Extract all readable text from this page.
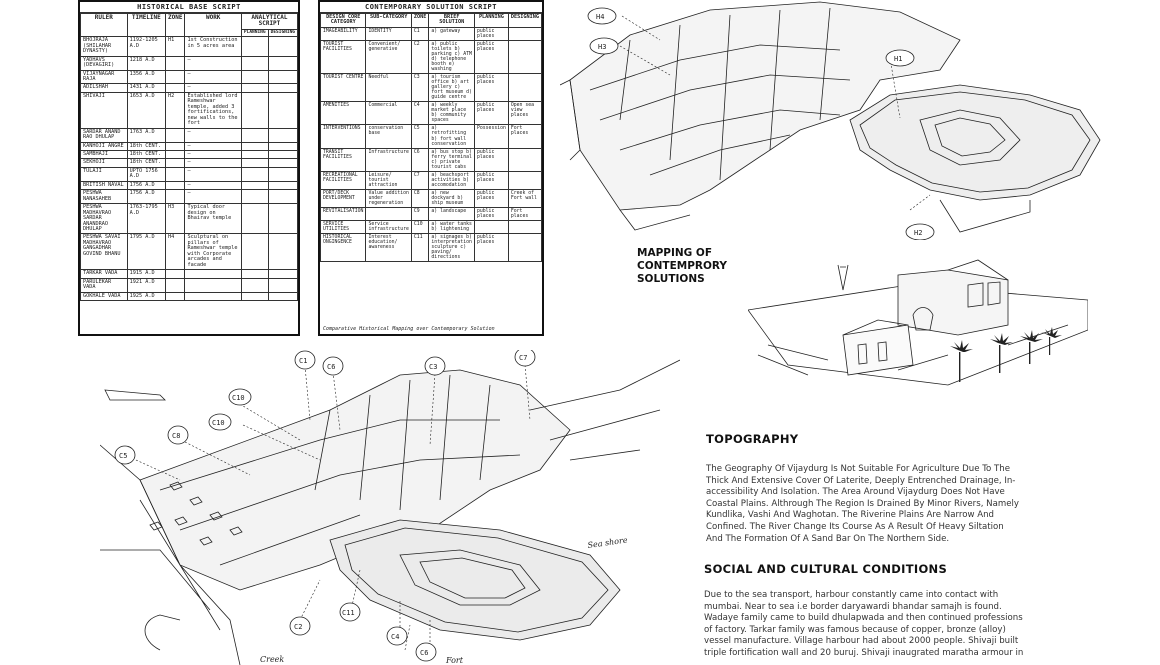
HISTORICAL BASE SCRIPT
RULER	TIMELINE	ZONE	WORK	ANALYTICAL SCRIPT	
				PLANNING	DESIGNING
BHOJRAJA (SHILAHAR DYNASTY)	1192-1205 A.D	H1	1st Construction in 5 acres area		
YADHAVS (DEVAGIRI)	1218 A.D		—		
VIJAYNAGAR RAJA	1356 A.D		—		
ADILSHAH	1431 A.D		—		
SHIVAJI	1653 A.D	H2	Established lord Rameshwar temple, added 3 fortifications, new walls to the fort		
SARDAR ANAND RAO DHULAP	1763 A.D		—		
KANHOJI ANGRE	18th CENT.		—		
SAMBHAJI	18th CENT.		—		
SEKHOJI	18th CENT.		—		
TULAJI	UPTO 1756 A.D		—		
BRITISH NAVAL	1756 A.D		—		
PESHWA NANASAHEB	1756 A.D		—		
PESHWA MADHAVRAO SARDAR ANANDRAO DHULAP	1763-1795 A.D	H3	Typical door design on Bhairav temple		
PESHWA SAVAI MADHAVRAO GANGADHAR GOVIND BHANU	1795 A.D	H4	Sculptural on pillars of Rameshwar temple with Corporate arcades and facade		
TARKAR VADA	1915 A.D				
PARULEKAR VADA	1921 A.D				
GOKHALE VADA	1925 A.D				
CONTEMPORARY SOLUTION SCRIPT
DESIGN CORE CATEGORY	SUB-CATEGORY	ZONE	BRIEF SOLUTION	PLANNING	DESIGNING
IMAGEABILITY	IDENTITY	C1	a) gateway	public places	
TOURIST FACILITIES	Convenient/ generative	C2	a) public toilets b) parking c) ATM d) telephone booth e) washing	public places	
TOURIST CENTRE	Needful	C3	a) tourism office b) art gallery c) fort museum d) guide centre	public places	
AMENITIES	Commercial	C4	a) weekly market place b) community spaces	public places	Open sea view places
INTERVENTIONS	conservation base	C5	a) retrofitting b) fort wall conservation	Possession	Fort places
TRANSIT FACILITIES	Infrastructure	C6	a) bus stop b) ferry terminal c) private tourist cabs	public places	
RECREATIONAL FACILITIES	Leisure/ tourist attraction	C7	a) beachsport activities b) accomodation	public places	
PORT/DECK DEVELOPMENT	Value addition under regeneration	C8	a) new dockyard b) ship museum	public places	Creek of Fort wall
REVITALISATION		C9	a) landscape	public places	Fort places
SERVICE UTILITIES	Service infrastructure	C10	a) water tanks b) lightening		
HISTORICAL ONGINGENCE	Interest education/ awareness	C11	a) signages b) interpretation sculpture c) paving/ directions	public places	
Comparative Historical Mapping over Contemporary Solution
H4
H3
H1
H2
MAPPING OF
CONTEMPRORY
SOLUTIONS
C1
C6	C3
C7
C10
C10
C8
C5
C11
C2
C4
C6
Sea shore
Creek	Fort
TOPOGRAPHY
The Geography Of Vijaydurg Is Not Suitable For Agriculture Due To The
Thick And Extensive Cover Of Laterite, Deeply Entrenched Drainage, In-
accessibility And Isolation. The Area Around Vijaydurg Does Not Have
Coastal Plains. Althrough The Region Is Drained By Minor Rivers, Namely
Kundlika, Vashi And Waghotan. The Riverine Plains Are Narrow And
Confined. The River Change Its Course As A Result Of Heavy Siltation
And The Formation Of A Sand Bar On The Northern Side.
SOCIAL AND CULTURAL CONDITIONS
Due to the sea transport, harbour constantly came into contact with
mumbai. Near to sea i.e border daryawardi bhandar samajh is found.
Wadaye family came to build dhulapwada and then continued professions
of factory. Tarkar family was famous because of copper, bronze (alloy)
vessel manufacture. Village harbour had about 2000 people. Shivaji built
triple fortification wall and 20 buruj. Shivaji inaugrated maratha armour in
